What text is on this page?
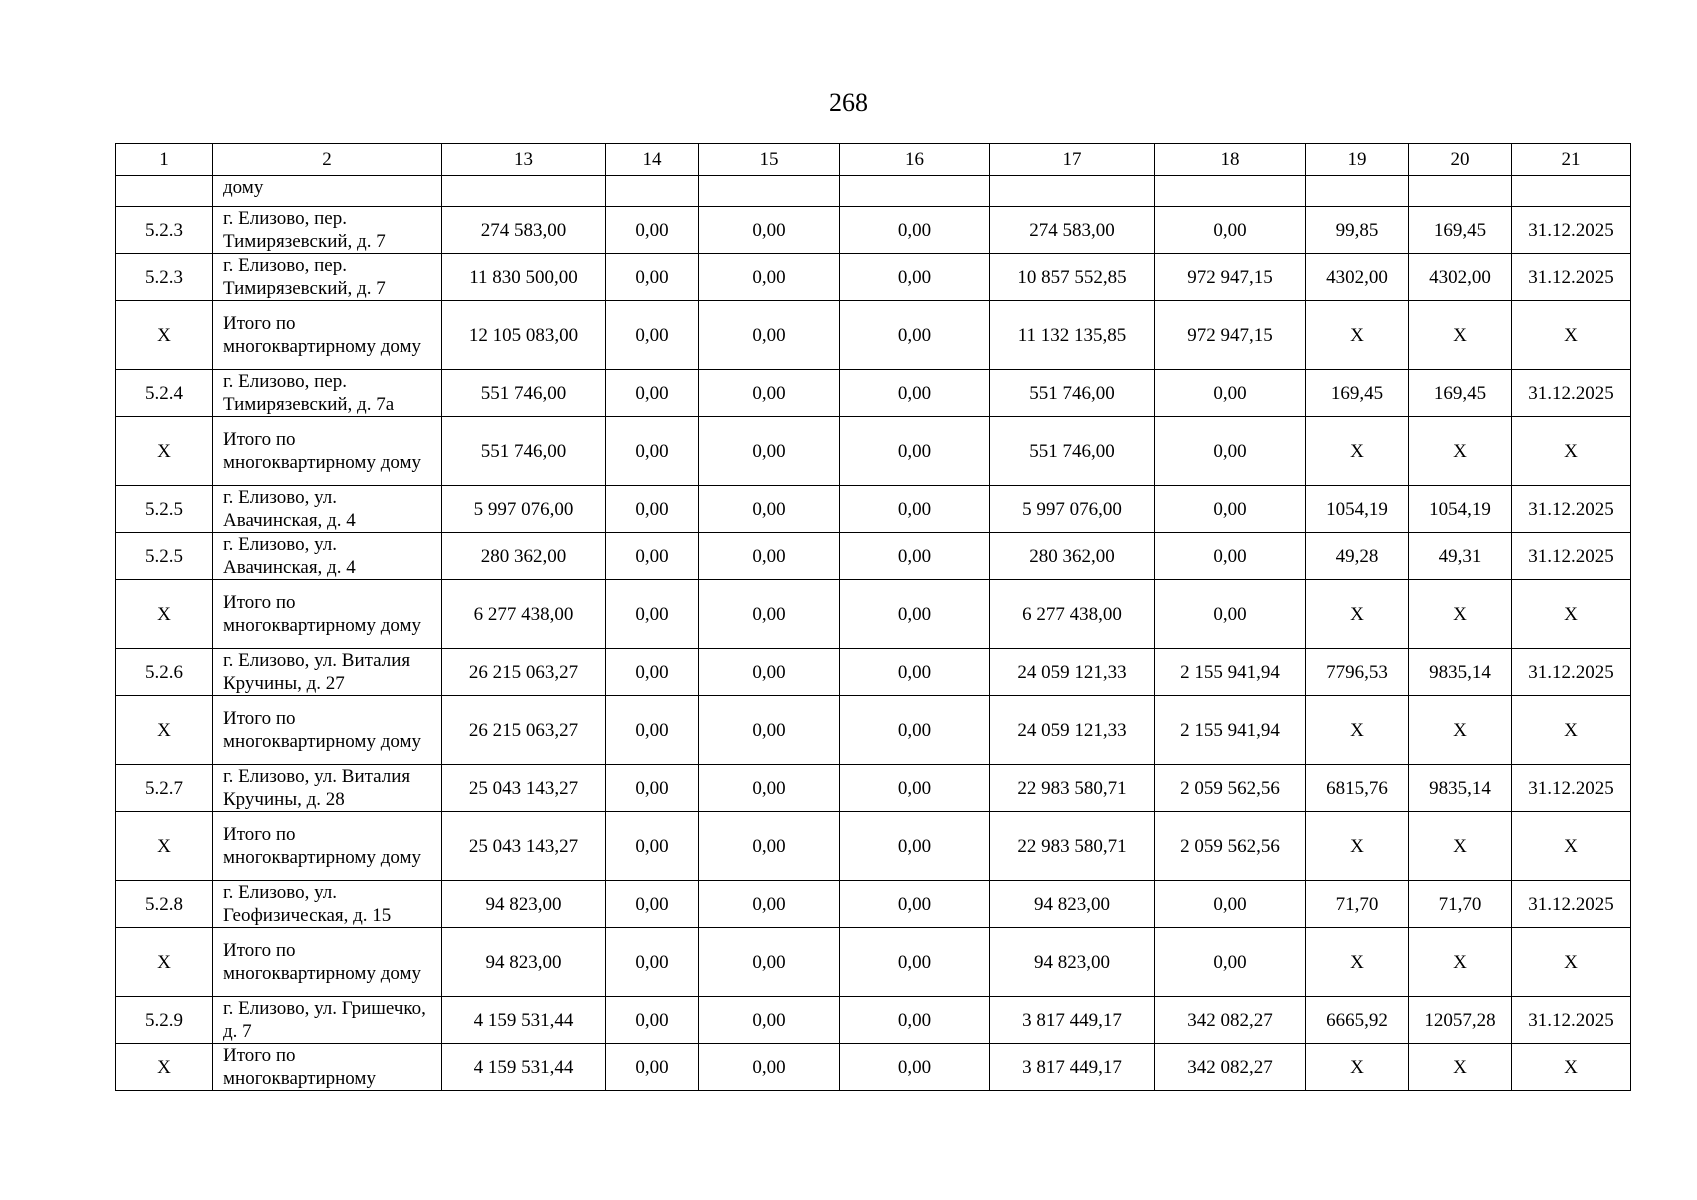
268
1	2	13	14	15	16	17	18	19	20	21
	дому									
5.2.3	г. Елизово, пер. Тимирязевский, д. 7	274 583,00	0,00	0,00	0,00	274 583,00	0,00	99,85	169,45	31.12.2025
5.2.3	г. Елизово, пер. Тимирязевский, д. 7	11 830 500,00	0,00	0,00	0,00	10 857 552,85	972 947,15	4302,00	4302,00	31.12.2025
X	Итого по многоквартирному дому	12 105 083,00	0,00	0,00	0,00	11 132 135,85	972 947,15	X	X	X
5.2.4	г. Елизово, пер. Тимирязевский, д. 7а	551 746,00	0,00	0,00	0,00	551 746,00	0,00	169,45	169,45	31.12.2025
X	Итого по многоквартирному дому	551 746,00	0,00	0,00	0,00	551 746,00	0,00	X	X	X
5.2.5	г. Елизово, ул. Авачинская, д. 4	5 997 076,00	0,00	0,00	0,00	5 997 076,00	0,00	1054,19	1054,19	31.12.2025
5.2.5	г. Елизово, ул. Авачинская, д. 4	280 362,00	0,00	0,00	0,00	280 362,00	0,00	49,28	49,31	31.12.2025
X	Итого по многоквартирному дому	6 277 438,00	0,00	0,00	0,00	6 277 438,00	0,00	X	X	X
5.2.6	г. Елизово, ул. Виталия Кручины, д. 27	26 215 063,27	0,00	0,00	0,00	24 059 121,33	2 155 941,94	7796,53	9835,14	31.12.2025
X	Итого по многоквартирному дому	26 215 063,27	0,00	0,00	0,00	24 059 121,33	2 155 941,94	X	X	X
5.2.7	г. Елизово, ул. Виталия Кручины, д. 28	25 043 143,27	0,00	0,00	0,00	22 983 580,71	2 059 562,56	6815,76	9835,14	31.12.2025
X	Итого по многоквартирному дому	25 043 143,27	0,00	0,00	0,00	22 983 580,71	2 059 562,56	X	X	X
5.2.8	г. Елизово, ул. Геофизическая, д. 15	94 823,00	0,00	0,00	0,00	94 823,00	0,00	71,70	71,70	31.12.2025
X	Итого по многоквартирному дому	94 823,00	0,00	0,00	0,00	94 823,00	0,00	X	X	X
5.2.9	г. Елизово, ул. Гришечко, д. 7	4 159 531,44	0,00	0,00	0,00	3 817 449,17	342 082,27	6665,92	12057,28	31.12.2025
X	Итого по многоквартирному	4 159 531,44	0,00	0,00	0,00	3 817 449,17	342 082,27	X	X	X
